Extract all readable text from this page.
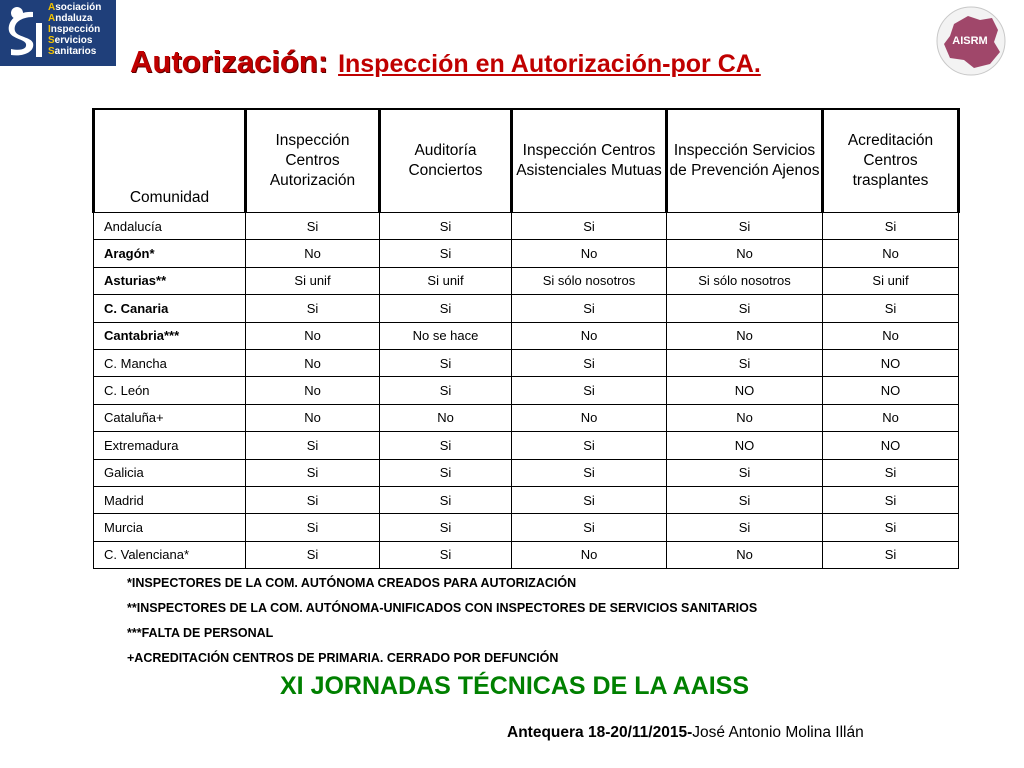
Asociación
Andaluza
Inspección
Servicios
Sanitarios
AISRM
Autorización: Inspección en Autorización-por CA.
Comunidad	Inspección Centros Autorización	Auditoría Conciertos	Inspección Centros Asistenciales Mutuas	Inspección Servicios de Prevención Ajenos	Acreditación Centros trasplantes
Andalucía	Si	Si	Si	Si	Si
Aragón*	No	Si	No	No	No
Asturias**	Si unif	Si unif	Si sólo nosotros	Si sólo nosotros	Si unif
C. Canaria	Si	Si	Si	Si	Si
Cantabria***	No	No se hace	No	No	No
C. Mancha	No	Si	Si	Si	NO
C. León	No	Si	Si	NO	NO
Cataluña+	No	No	No	No	No
Extremadura	Si	Si	Si	NO	NO
Galicia	Si	Si	Si	Si	Si
Madrid	Si	Si	Si	Si	Si
Murcia	Si	Si	Si	Si	Si
C. Valenciana*	Si	Si	No	No	Si
*INSPECTORES DE LA COM. AUTÓNOMA CREADOS PARA AUTORIZACIÓN
**INSPECTORES DE LA COM. AUTÓNOMA-UNIFICADOS CON INSPECTORES DE SERVICIOS SANITARIOS
***FALTA DE PERSONAL
+ACREDITACIÓN CENTROS DE PRIMARIA. CERRADO POR DEFUNCIÓN
XI JORNADAS TÉCNICAS DE LA AAISS
Antequera 18-20/11/2015-José Antonio Molina Illán
